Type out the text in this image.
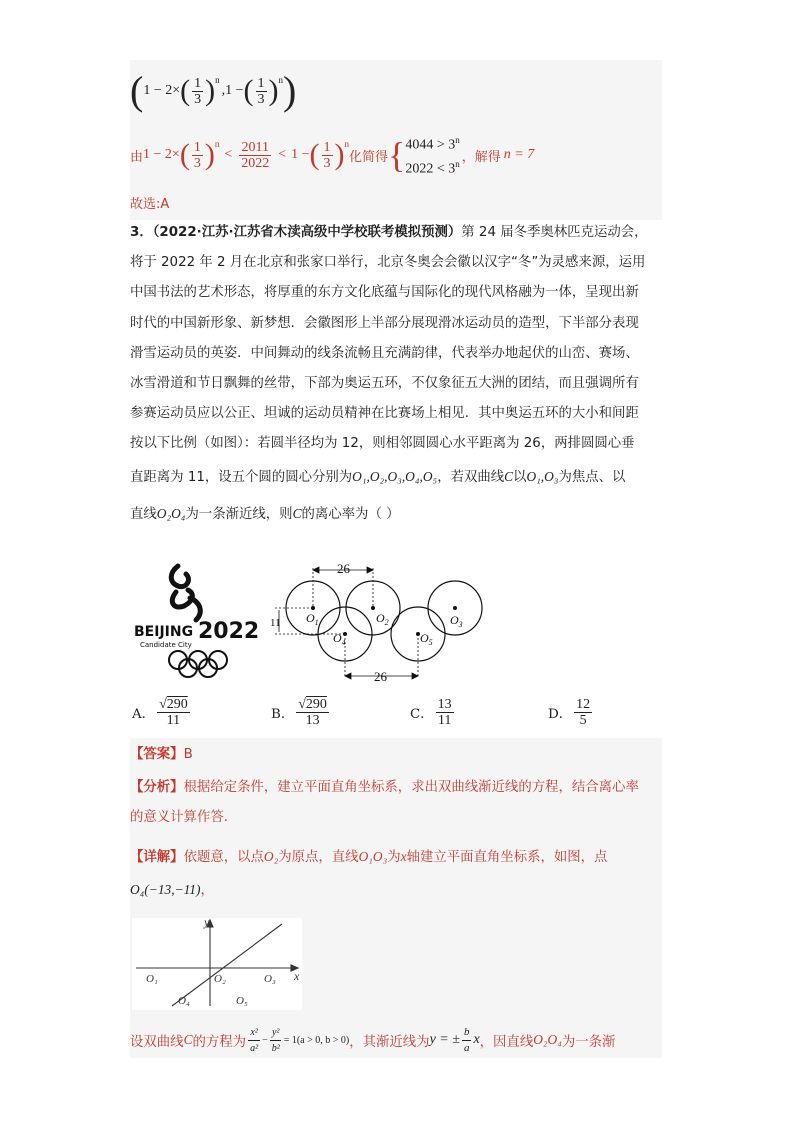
( 1 − 2× ( $\frac{1}{3} )^n$
,1 − ( $\frac{1}{3} )^n$ )
由 1 − 2× ( $\frac{1}{3} )^n$
< $\frac{2011}{2022} < 1$ − ( $\frac{1}{3} )^n$
化简得 { $4044 > 3^n$
$2022 < 3^n$ ，解得 n = 7
故选:A

3．（2022·江苏·江苏省木渎高级中学校联考模拟预测）第 24 届冬季奥林匹克运动会，

将于 2022 年 2 月在北京和张家口举行，北京冬奥会会徽以汉字“冬”为灵感来源，运用

中国书法的艺术形态，将厚重的东方文化底蕴与国际化的现代风格融为一体，呈现出新

时代的中国新形象、新梦想．会徽图形上半部分展现滑冰运动员的造型，下半部分表现

滑雪运动员的英姿．中间舞动的线条流畅且充满韵律，代表举办地起伏的山峦、赛场、

冰雪滑道和节日飘舞的丝带，下部为奥运五环，不仅象征五大洲的团结，而且强调所有

参赛运动员应以公正、坦诚的运动员精神在比赛场上相见．其中奥运五环的大小和间距

按以下比例（如图）：若圆半径均为 12，则相邻圆圆心水平距离为 26，两排圆圆心垂

直距离为 11，设五个圆的圆心分别为O₁,O₂,O₃,O₄,O₅，若双曲线C以O₁,O₃为焦点、以

直线O₂O₄为一条渐近线，则C的离心率为（ ）

BEIJING 2022
Candidate City
26
26
11 $O_1$	$O_2$	$O_3$
$O_4$	$O_5$
A． $\frac{√290}{11}$	B． $\frac{√290}{13}$	C． $\frac{13}{11}$	D． $\frac{12}{5}$
【答案】B
【分析】根据给定条件，建立平面直角坐标系，求出双曲线渐近线的方程，结合离心率
的意义计算作答.
【详解】依题意，以点O₂为原点，直线O₁O₃为x轴建立平面直角坐标系，如图，点
O₄(−13,−11)，
y
x
O₁	O₂	O₃
O₄	O₅
设双曲线 C 的方程为 $\frac{\text{x²}}{\text{a²}} - \frac{\text{y²}}{\text{b²}} = 1(a > 0$, b > 0) ，其渐近线为 y = ± $\frac{b}{a}$ x ，因直线 O₂O₄ 为一条渐
